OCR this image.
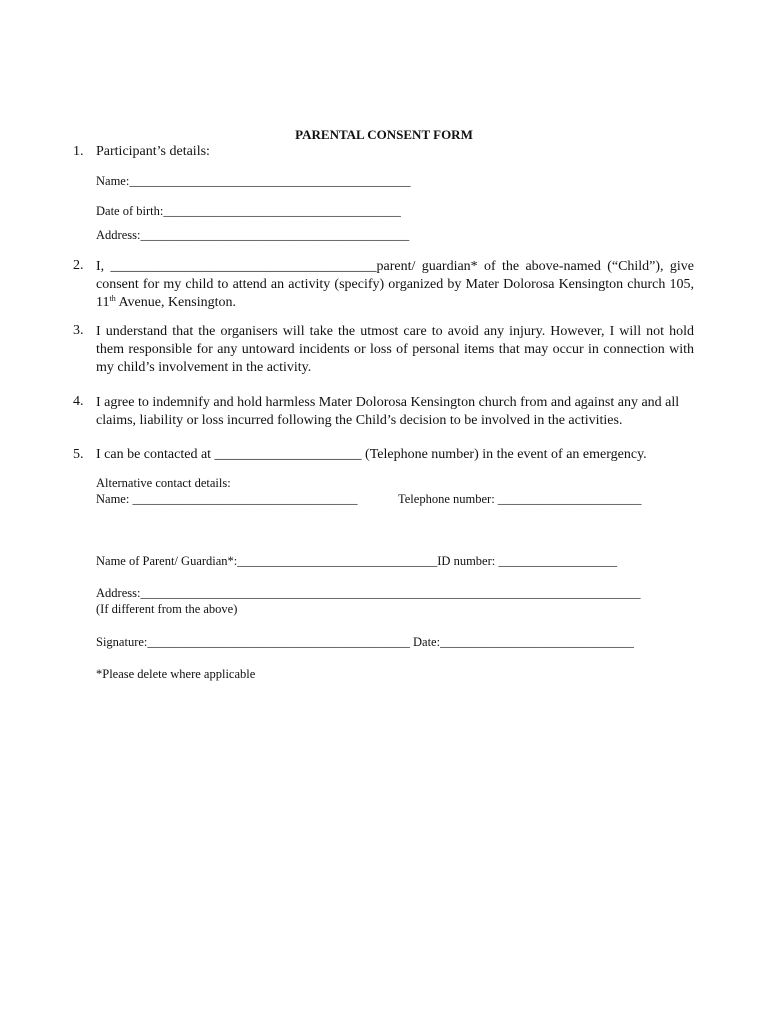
PARENTAL CONSENT FORM
1. Participant’s details:
Name:_____________________________________________
Date of birth:______________________________________
Address:___________________________________________
2. I, ______________________________________parent/ guardian* of the above-named (“Child”), give
consent for my child to attend an activity (specify) organized by Mater Dolorosa Kensington church 105,
11th Avenue, Kensington.
3. I understand that the organisers will take the utmost care to avoid any injury. However, I will not hold
them responsible for any untoward incidents or loss of personal items that may occur in connection with
my child’s involvement in the activity.
4. I agree to indemnify and hold harmless Mater Dolorosa Kensington church from and against any and all
claims, liability or loss incurred following the Child’s decision to be involved in the activities.
5. I can be contacted at _____________________ (Telephone number) in the event of an emergency.
Alternative contact details:
Name: ____________________________________	Telephone number: _______________________
Name of Parent/ Guardian*:________________________________ID number: ___________________
Address:________________________________________________________________________________
(If different from the above)
Signature:__________________________________________ Date:_______________________________
*Please delete where applicable
